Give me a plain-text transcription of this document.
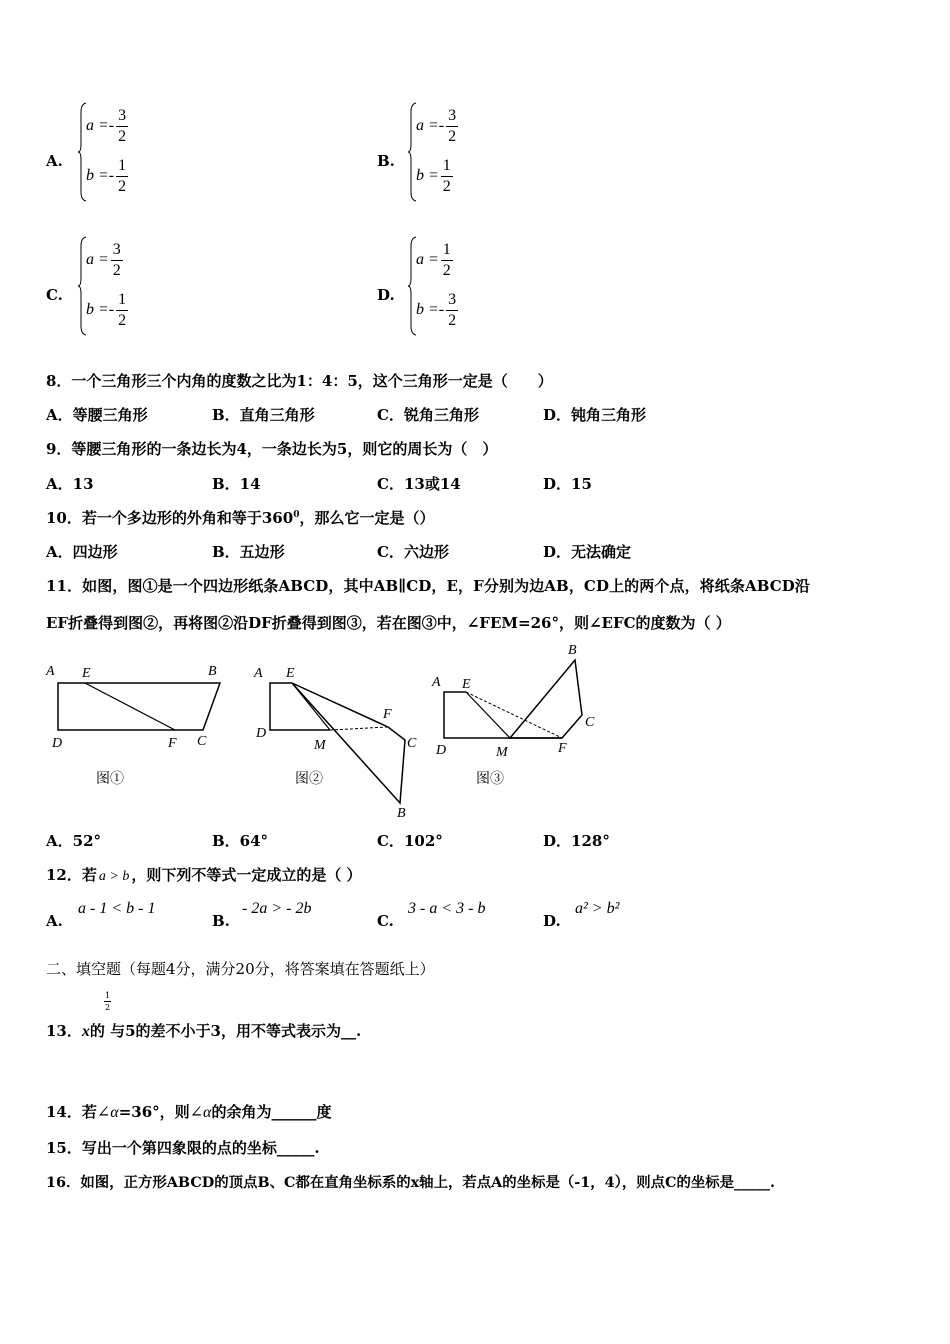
A.
$a =- \frac{3}{2}$
$b =- \frac{1}{2}$	B.
$a =- \frac{3}{2}$
$b = \frac{1}{2}$
C.
$a = \frac{3}{2}$
$b =- \frac{1}{2}$	D.
$a = \frac{1}{2}$
$b =- \frac{3}{2}$
8．一个三角形三个内角的度数之比为1：4：5，这个三角形一定是（　　）
A．等腰三角形	B．直角三角形	C．锐角三角形	D．钝角三角形
9．等腰三角形的一条边长为4，一条边长为5，则它的周长为（　）
A．13	B．14	C．13或14	D．15
10．若一个多边形的外角和等于$360^0$，那么它一定是（）
A．四边形	B．五边形	C．六边形	D．无法确定
11．如图，图①是一个四边形纸条ABCD，其中AB∥CD，E，F分别为边AB，CD上的两个点，将纸条ABCD沿
EF折叠得到图②，再将图②沿DF折叠得到图③，若在图③中，∠FEM=26°，则∠EFC的度数为（ ）
A E	B
D	F C
图①
A E
D
M
F
C
B
图②
A E
B
C
D	M	F
图③
A．52°	B．64°	C．102°	D．128°
12．若 a > b ，则下列不等式一定成立的是（ ）
A.
a - 1 < b - 1
B.
- 2a > - 2b
C.
3 - a < 3 - b
D.
a² > b²
二、填空题（每题4分，满分20分，将答案填在答题纸上）
$\frac{1}{2}$
13．x的 与5的差不小于3，用不等式表示为__.
14．若∠α=36°，则∠α的余角为______度
15．写出一个第四象限的点的坐标_____.
16．如图，正方形ABCD的顶点B、C都在直角坐标系的x轴上，若点A的坐标是（-1，4），则点C的坐标是_____.
